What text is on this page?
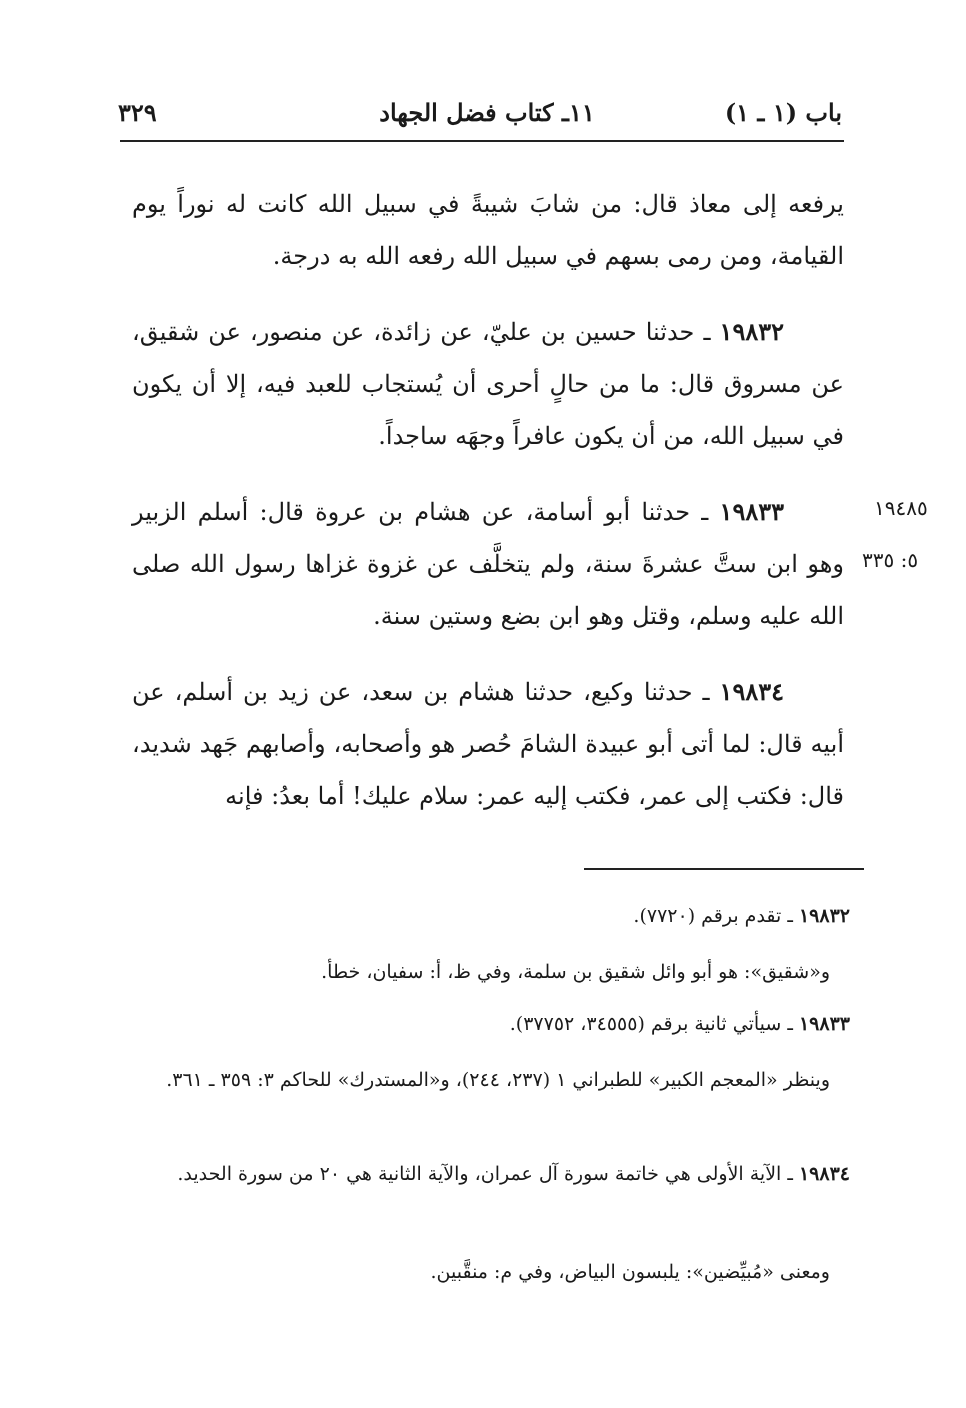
٣٢٩	١١ـ كتاب فضل الجهاد	باب (١ ـ ١)
يرفعه إلى معاذ قال: من شابَ شيبةً في سبيل الله كانت له نوراً يوم القيامة، ومن رمى بسهم في سبيل الله رفعه الله به درجة.
١٩٨٣٢ ـ حدثنا حسين بن عليّ، عن زائدة، عن منصور، عن شقيق، عن مسروق قال: ما من حالٍ أحرى أن يُستجاب للعبد فيه، إلا أن يكون في سبيل الله، من أن يكون عافراً وجهَه ساجداً.
١٩٨٣٣ ـ حدثنا أبو أسامة، عن هشام بن عروة قال: أسلم الزبير وهو ابن ستَّ عشرةَ سنة، ولم يتخلَّف عن غزوة غزاها رسول الله صلى الله عليه وسلم، وقتل وهو ابن بضع وستين سنة.
١٩٤٨٥
٥: ٣٣٥
١٩٨٣٤ ـ حدثنا وكيع، حدثنا هشام بن سعد، عن زيد بن أسلم، عن أبيه قال: لما أتى أبو عبيدة الشامَ حُصر هو وأصحابه، وأصابهم جَهد شديد، قال: فكتب إلى عمر، فكتب إليه عمر: سلام عليك! أما بعدُ: فإنه
١٩٨٣٢ ـ تقدم برقم (٧٧٢٠).
و«شقيق»: هو أبو وائل شقيق بن سلمة، وفي ظ، أ: سفيان، خطأ.
١٩٨٣٣ ـ سيأتي ثانية برقم (٣٤٥٥٥، ٣٧٧٥٢).
وينظر «المعجم الكبير» للطبراني ١ (٢٣٧، ٢٤٤)، و«المستدرك» للحاكم ٣: ٣٥٩ ـ ٣٦١.
١٩٨٣٤ ـ الآية الأولى هي خاتمة سورة آل عمران، والآية الثانية هي ٢٠ من سورة الحديد.
ومعنى «مُبيِّضين»: يلبسون البياض، وفي م: منقَّبين.
